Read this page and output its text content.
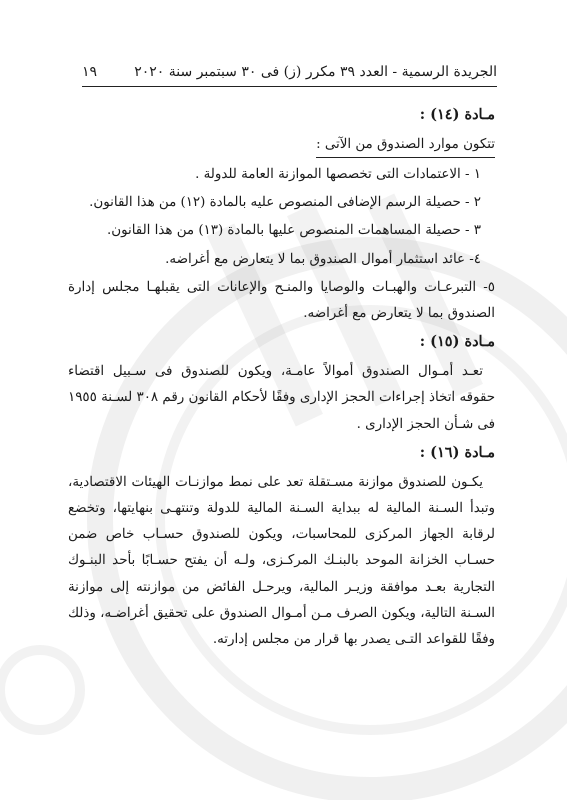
الجريدة الرسمية - العدد ٣٩ مكرر (ز) فى ٣٠ سبتمبر سنة ٢٠٢٠
١٩
مـادة (١٤) :
تتكون موارد الصندوق من الآتى :
١ - الاعتمادات التى تخصصها الموازنة العامة للدولة .
٢ - حصيلة الرسم الإضافى المنصوص عليه بالمادة (١٢) من هذا القانون.
٣ - حصيلة المساهمات المنصوص عليها بالمادة (١٣) من هذا القانون.
٤- عائد استثمار أموال الصندوق بما لا يتعارض مع أغراضه.
٥- التبرعـات والهبـات والوصايا والمنـح والإعانات التى يقبلهـا مجلس إدارة الصندوق بما لا يتعارض مع أغراضه.
مـادة (١٥) :
تعـد أمـوال الصندوق أموالاً عامـة، ويكون للصندوق فى سـبيل اقتضاء حقوقه اتخاذ إجراءات الحجز الإدارى وفقًا لأحكام القانون رقم ٣٠٨ لسـنة ١٩٥٥ فى شـأن الحجز الإدارى .
مـادة (١٦) :
يكـون للصندوق موازنة مسـتقلة تعد على نمط موازنـات الهيئات الاقتصادية، وتبدأ السـنة المالية له ببداية السـنة المالية للدولة وتنتهـى بنهايتها، وتخضع لرقابة الجهاز المركزى للمحاسبات، ويكون للصندوق حسـاب خاص ضمن حسـاب الخزانة الموحد بالبنـك المركـزى، ولـه أن يفتح حسـابًا بأحد البنـوك التجارية بعـد موافقة وزيـر المالية، ويرحـل الفائض من موازنته إلى موازنة السـنة التالية، ويكون الصرف مـن أمـوال الصندوق على تحقيق أغراضـه، وذلك وفقًا للقواعد التـى يصدر بها قرار من مجلس إدارته.
